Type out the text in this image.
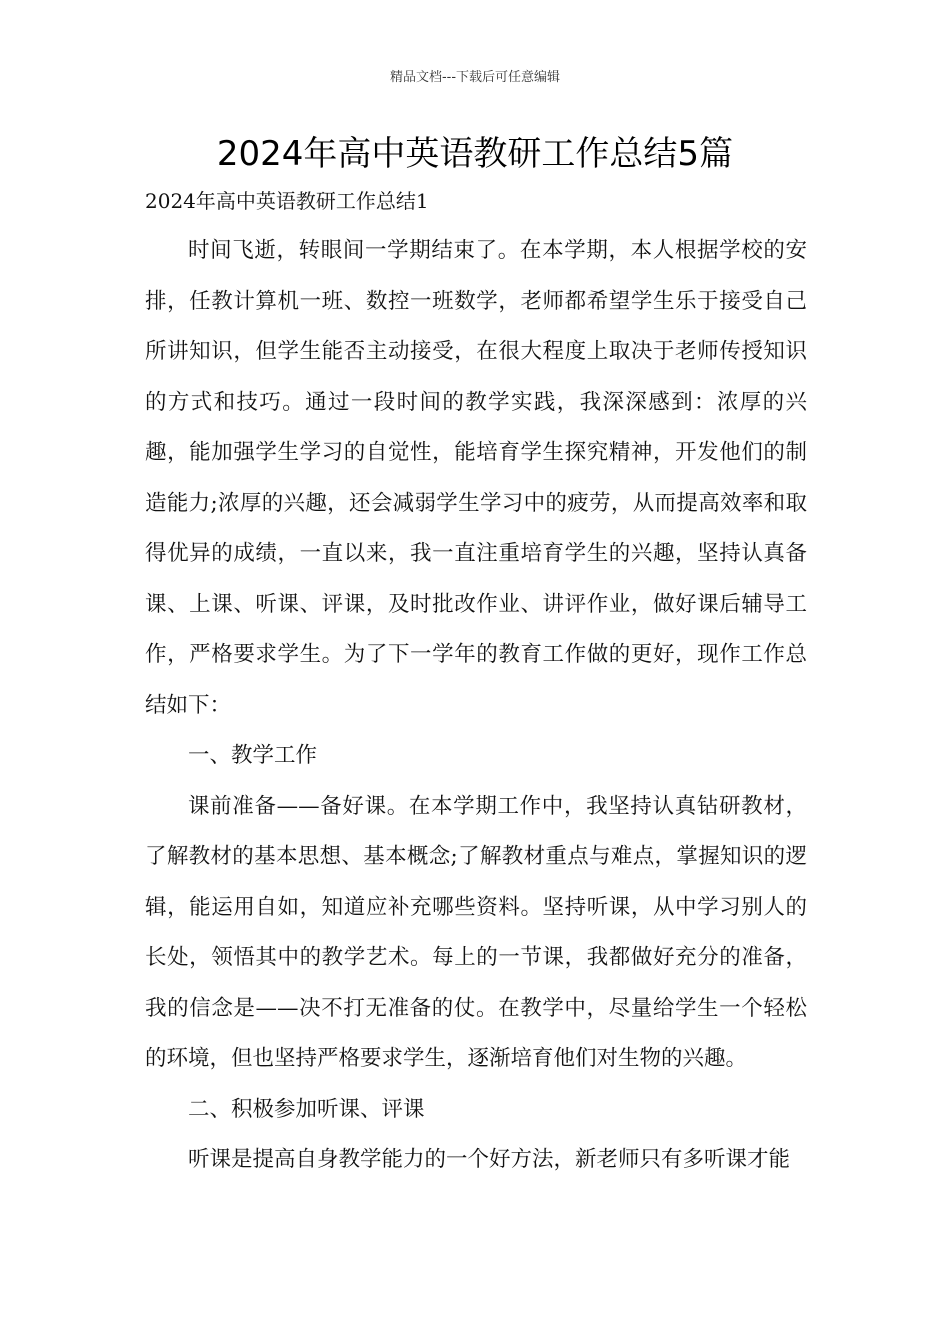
精品文档---下载后可任意编辑
2024年高中英语教研工作总结5篇
2024年高中英语教研工作总结1

时间飞逝，转眼间一学期结束了。在本学期，本人根据学校的安排，任教计算机一班、数控一班数学，老师都希望学生乐于接受自己所讲知识，但学生能否主动接受，在很大程度上取决于老师传授知识的方式和技巧。通过一段时间的教学实践，我深深感到：浓厚的兴趣，能加强学生学习的自觉性，能培育学生探究精神，开发他们的制造能力;浓厚的兴趣，还会减弱学生学习中的疲劳，从而提高效率和取得优异的成绩，一直以来，我一直注重培育学生的兴趣，坚持认真备课、上课、听课、评课，及时批改作业、讲评作业，做好课后辅导工作，严格要求学生。为了下一学年的教育工作做的更好，现作工作总结如下：

一、教学工作

课前准备——备好课。在本学期工作中，我坚持认真钻研教材，了解教材的基本思想、基本概念;了解教材重点与难点，掌握知识的逻辑，能运用自如，知道应补充哪些资料。坚持听课，从中学习别人的长处，领悟其中的教学艺术。每上的一节课，我都做好充分的准备，我的信念是——决不打无准备的仗。在教学中，尽量给学生一个轻松的环境，但也坚持严格要求学生，逐渐培育他们对生物的兴趣。

二、积极参加听课、评课

听课是提高自身教学能力的一个好方法，新老师只有多听课才能
